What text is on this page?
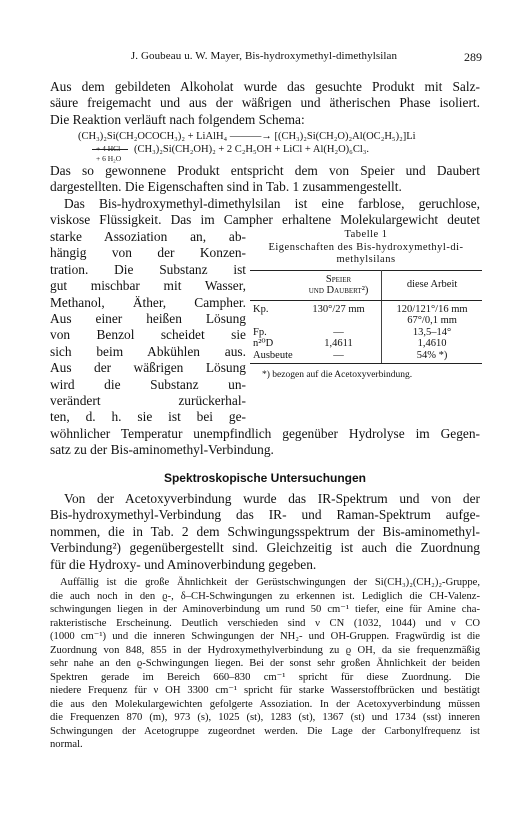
J. Goubeau u. W. Mayer, Bis-hydroxymethyl-dimethylsilan	289
Aus dem gebildeten Alkoholat wurde das gesuchte Produkt mit Salz-
säure freigemacht und aus der wäßrigen und ätherischen Phase isoliert.
Die Reaktion verläuft nach folgendem Schema:
(CH₃)₂Si(CH₂OCOCH₃)₂ + LiAlH₄ ———→ [(CH₃)₂Si(CH₂O)₂Al(OC₂H₅)₂]Li
+ 4 HCl
+ 6 H₂O
(CH₃)₂Si(CH₂OH)₂ + 2 C₂H₅OH + LiCl + Al(H₂O)₆Cl₃.
Das so gewonnene Produkt entspricht dem von Speier und Daubert
dargestellten. Die Eigenschaften sind in Tab. 1 zusammengestellt.
Das Bis-hydroxymethyl-dimethylsilan ist eine farblose, geruchlose,
viskose Flüssigkeit. Das im Campher erhaltene Molekulargewicht deutet
starke Assoziation an, ab-
hängig von der Konzen-
tration. Die Substanz ist
gut mischbar mit Wasser,
Methanol, Äther, Campher.
Aus einer heißen Lösung
von Benzol scheidet sie
sich beim Abkühlen aus.
Aus der wäßrigen Lösung
wird die Substanz un-
verändert zurückerhal-
ten, d. h. sie ist bei ge-
Tabelle 1
Eigenschaften des Bis-hydroxymethyl-di-
methylsilans
	Speier
und Daubert²)	diese Arbeit
Kp.	130°/27 mm	120/121°/16 mm
		67°/0,1 mm
Fp.	—	13,5–14°
n²⁰D	1,4611	1,4610
Ausbeute	—	54% *)
*) bezogen auf die Acetoxyverbindung.
wöhnlicher Temperatur unempfindlich gegenüber Hydrolyse im Gegen-
satz zu der Bis-aminomethyl-Verbindung.
Spektroskopische Untersuchungen
Von der Acetoxyverbindung wurde das IR-Spektrum und von der
Bis-hydroxymethyl-Verbindung das IR- und Raman-Spektrum aufge-
nommen, die in Tab. 2 dem Schwingungsspektrum der Bis-aminomethyl-
Verbindung²) gegenübergestellt sind. Gleichzeitig ist auch die Zuordnung
für die Hydroxy- und Aminoverbindung gegeben.
Auffällig ist die große Ähnlichkeit der Gerüstschwingungen der Si(CH₃)₂(CH₂)₂-Gruppe,
die auch noch in den ϱ-, δ–CH-Schwingungen zu erkennen ist. Lediglich die CH-Valenz-
schwingungen liegen in der Aminoverbindung um rund 50 cm⁻¹ tiefer, eine für Amine cha-
rakteristische Erscheinung. Deutlich verschieden sind ν CN (1032, 1044) und ν CO
(1000 cm⁻¹) und die inneren Schwingungen der NH₂- und OH-Gruppen. Fragwürdig ist die
Zuordnung von 848, 855 in der Hydroxymethylverbindung zu ϱ OH, da sie frequenzmäßig
sehr nahe an den ϱ-Schwingungen liegen. Bei der sonst sehr großen Ähnlichkeit der beiden
Spektren gerade im Bereich 660–830 cm⁻¹ spricht für diese Zuordnung. Die
niedere Frequenz für ν OH 3300 cm⁻¹ spricht für starke Wasserstoffbrücken und bestätigt
die aus den Molekulargewichten gefolgerte Assoziation. In der Acetoxyverbindung müssen
die Frequenzen 870 (m), 973 (s), 1025 (st), 1283 (st), 1367 (st) und 1734 (sst) inneren
Schwingungen der Acetogruppe zugeordnet werden. Die Lage der Carbonylfrequenz ist
normal.
